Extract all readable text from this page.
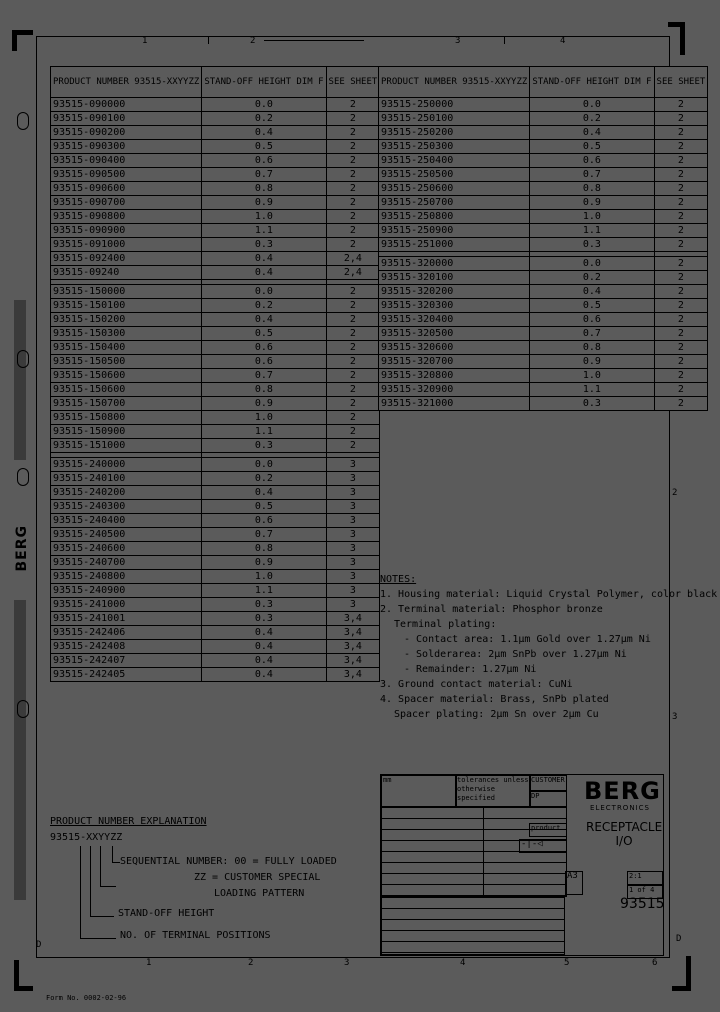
1	2	3	4
1	2	3	4	5	6
D
D
2
3
BERG
PRODUCT NUMBER 93515-XXYYZZ	STAND-OFF HEIGHT DIM F	SEE SHEET
93515-090000	0.0	2
93515-090100	0.2	2
93515-090200	0.4	2
93515-090300	0.5	2
93515-090400	0.6	2
93515-090500	0.7	2
93515-090600	0.8	2
93515-090700	0.9	2
93515-090800	1.0	2
93515-090900	1.1	2
93515-091000	0.3	2
93515-092400	0.4	2,4
93515-09240	0.4	2,4

93515-150000	0.0	2
93515-150100	0.2	2
93515-150200	0.4	2
93515-150300	0.5	2
93515-150400	0.6	2
93515-150500	0.6	2
93515-150600	0.7	2
93515-150600	0.8	2
93515-150700	0.9	2
93515-150800	1.0	2
93515-150900	1.1	2
93515-151000	0.3	2

93515-240000	0.0	3
93515-240100	0.2	3
93515-240200	0.4	3
93515-240300	0.5	3
93515-240400	0.6	3
93515-240500	0.7	3
93515-240600	0.8	3
93515-240700	0.9	3
93515-240800	1.0	3
93515-240900	1.1	3
93515-241000	0.3	3
93515-241001	0.3	3,4
93515-242406	0.4	3,4
93515-242408	0.4	3,4
93515-242407	0.4	3,4
93515-242405	0.4	3,4
PRODUCT NUMBER 93515-XXYYZZ	STAND-OFF HEIGHT DIM F	SEE SHEET
93515-250000	0.0	2
93515-250100	0.2	2
93515-250200	0.4	2
93515-250300	0.5	2
93515-250400	0.6	2
93515-250500	0.7	2
93515-250600	0.8	2
93515-250700	0.9	2
93515-250800	1.0	2
93515-250900	1.1	2
93515-251000	0.3	2

93515-320000	0.0	2
93515-320100	0.2	2
93515-320200	0.4	2
93515-320300	0.5	2
93515-320400	0.6	2
93515-320500	0.7	2
93515-320600	0.8	2
93515-320700	0.9	2
93515-320800	1.0	2
93515-320900	1.1	2
93515-321000	0.3	2
NOTES:
1. Housing material: Liquid Crystal Polymer, color black
2. Terminal material: Phosphor bronze
Terminal plating:
- Contact area: 1.1µm Gold over 1.27µm Ni
- Solderarea: 2µm SnPb over 1.27µm Ni
- Remainder: 1.27µm Ni
3. Ground contact material: CuNi
4. Spacer material: Brass, SnPb plated
Spacer plating: 2µm Sn over 2µm Cu
PRODUCT NUMBER EXPLANATION
93515-XXYYZZ
SEQUENTIAL NUMBER: 00 = FULLY LOADED
ZZ = CUSTOMER SPECIAL
LOADING PATTERN
STAND-OFF HEIGHT
NO. OF TERMINAL POSITIONS
mm	tolerances unless otherwise specified
CUSTOMER
DP
product
-|-◁
A3	2:1
1 of 4
BERG
ELECTRONICS
RECEPTACLE
I/O
93515
Form No. 0002-02-96
